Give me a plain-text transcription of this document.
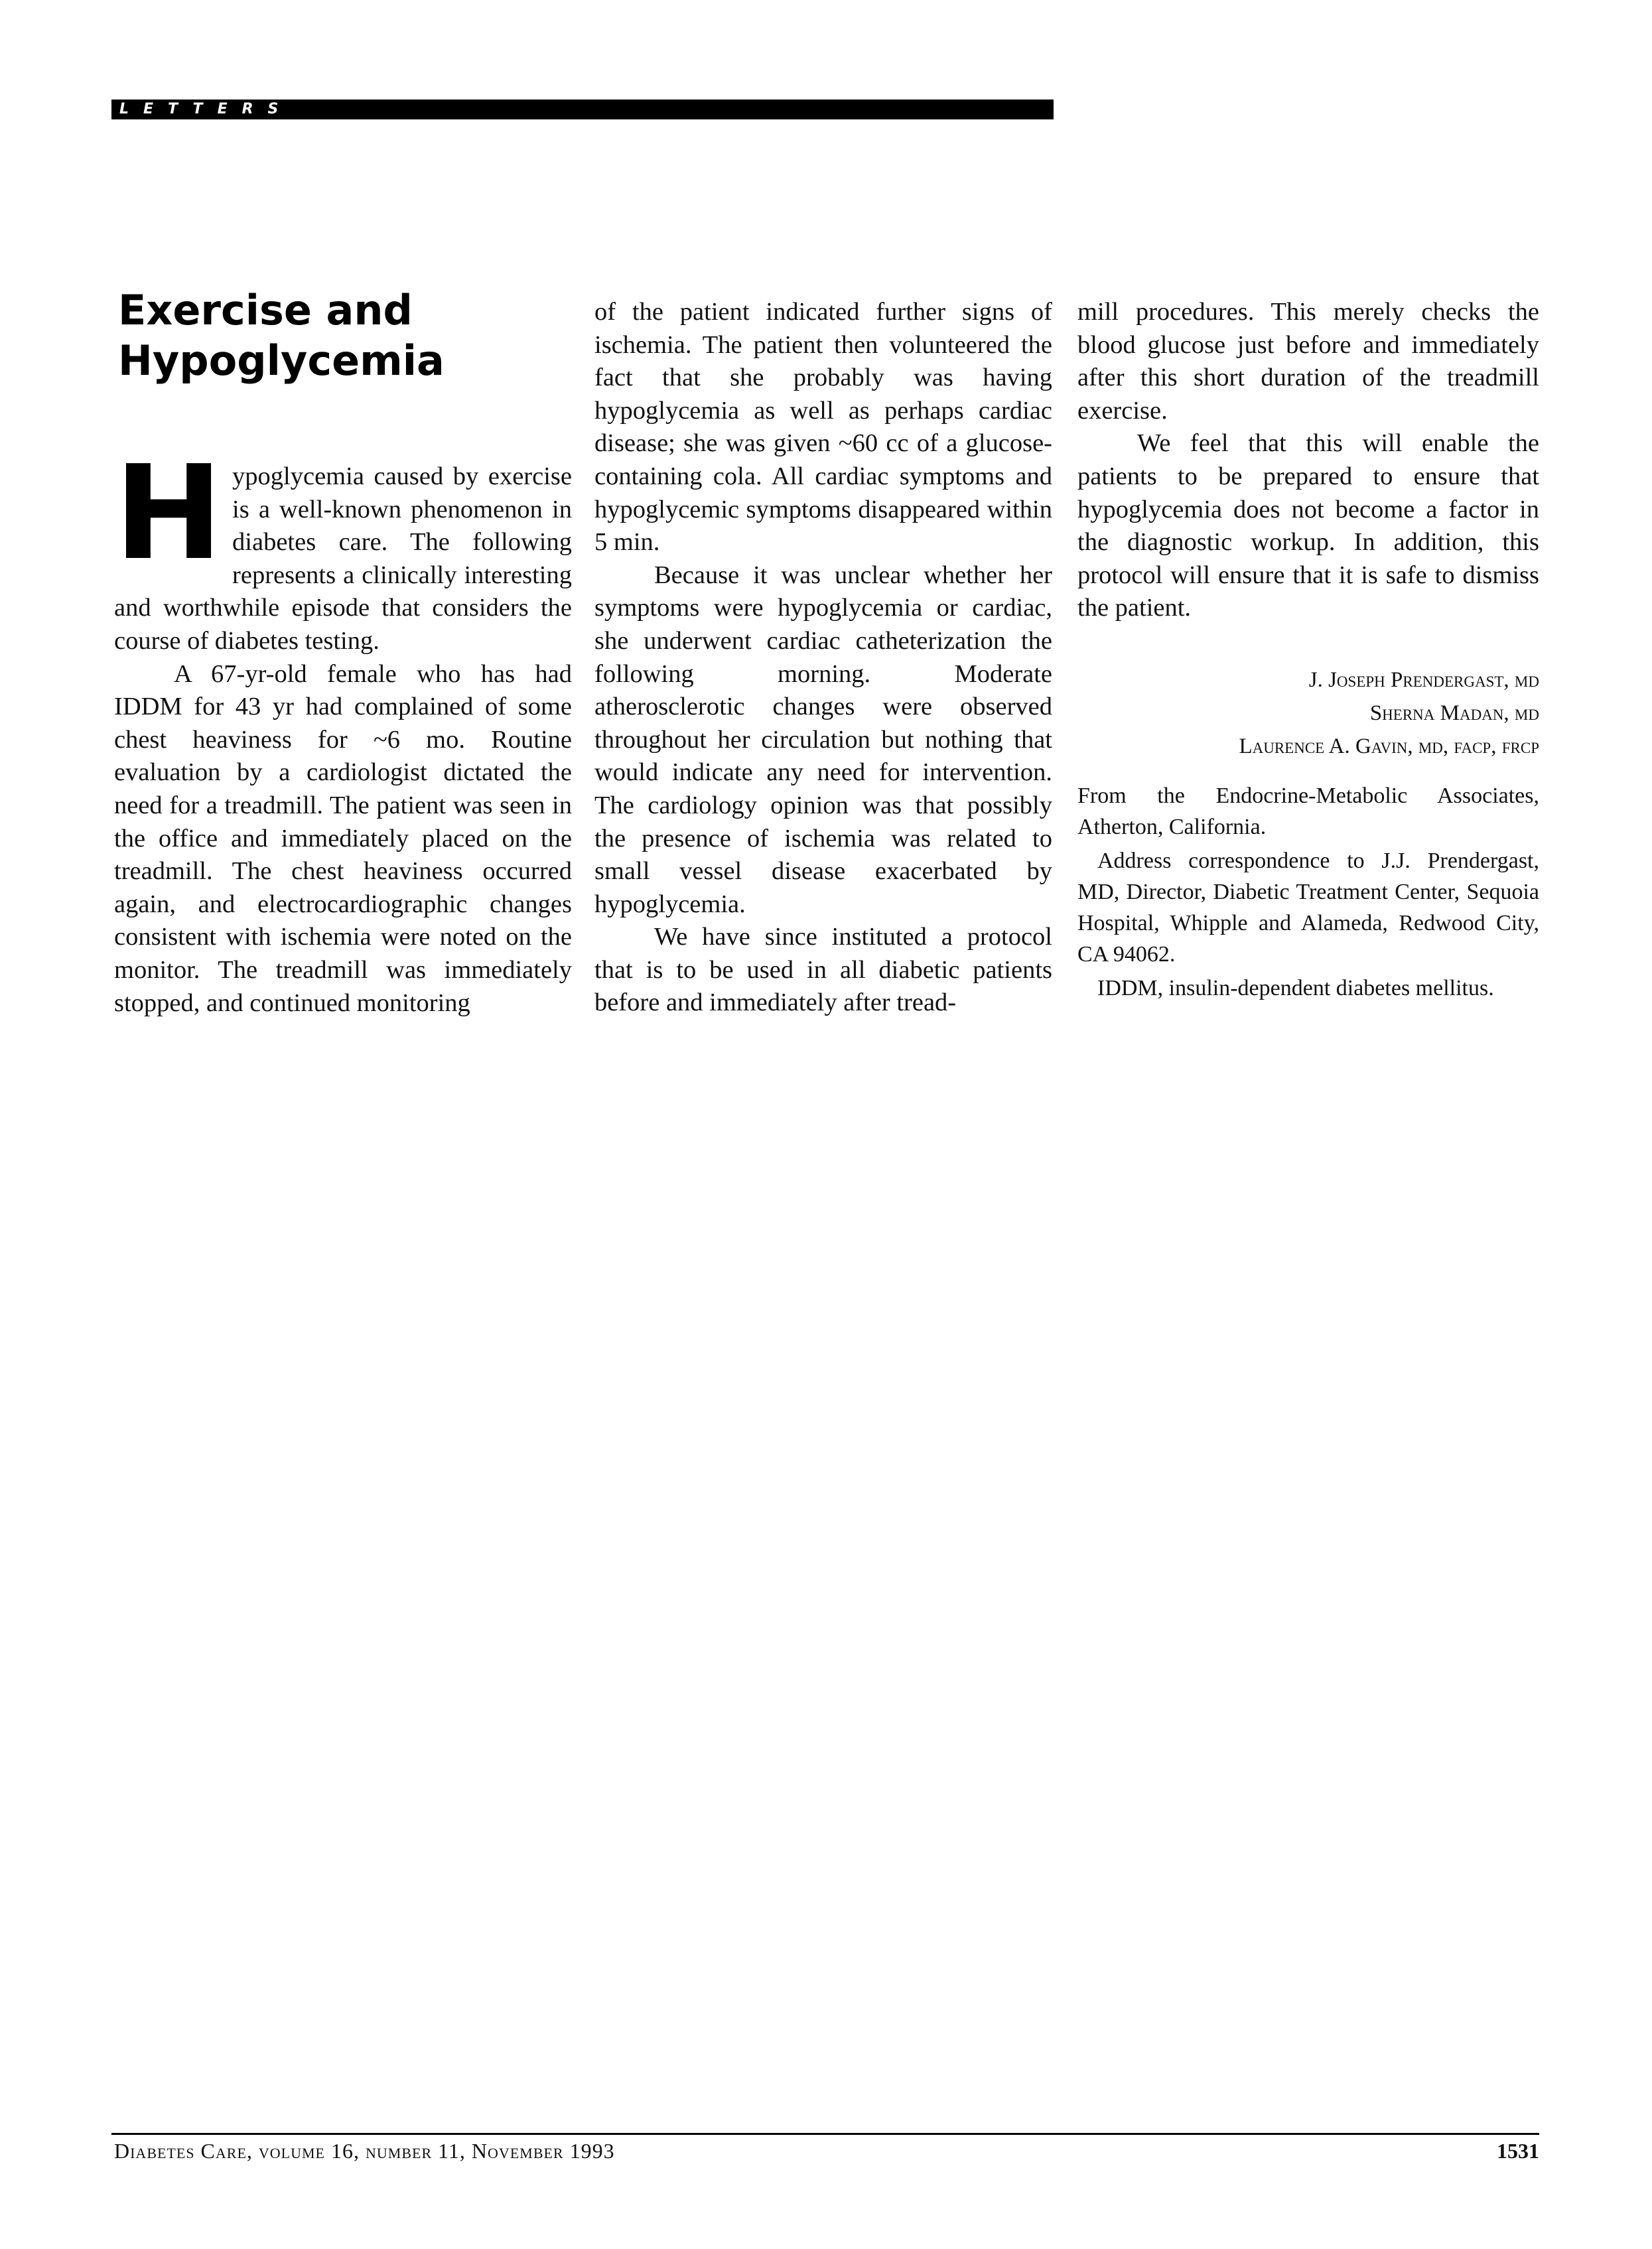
LETTERS
Exercise and
Hypoglycemia

Hypoglycemia caused by exercise is a well-known phenomenon in diabetes care. The following represents a clinically interesting and worthwhile episode that considers the course of diabetes testing.

A 67-yr-old female who has had IDDM for 43 yr had complained of some chest heaviness for ~6 mo. Routine evaluation by a cardiologist dictated the need for a treadmill. The patient was seen in the office and immediately placed on the treadmill. The chest heaviness occurred again, and electrocardiographic changes consistent with ischemia were noted on the monitor. The treadmill was immediately stopped, and continued monitoring

of the patient indicated further signs of ischemia. The patient then volunteered the fact that she probably was having hypoglycemia as well as perhaps cardiac disease; she was given ~60 cc of a glucose-containing cola. All cardiac symptoms and hypoglycemic symptoms disappeared within 5 min.

Because it was unclear whether her symptoms were hypoglycemia or cardiac, she underwent cardiac catheterization the following morning. Moderate atherosclerotic changes were observed throughout her circulation but nothing that would indicate any need for intervention. The cardiology opinion was that possibly the presence of ischemia was related to small vessel disease exacerbated by hypoglycemia.

We have since instituted a protocol that is to be used in all diabetic patients before and immediately after tread-

mill procedures. This merely checks the blood glucose just before and immediately after this short duration of the treadmill exercise.

We feel that this will enable the patients to be prepared to ensure that hypoglycemia does not become a factor in the diagnostic workup. In addition, this protocol will ensure that it is safe to dismiss the patient.

J. Joseph Prendergast, md
Sherna Madan, md
Laurence A. Gavin, md, facp, frcp

From the Endocrine-Metabolic Associates, Atherton, California.

Address correspondence to J.J. Prendergast, MD, Director, Diabetic Treatment Center, Sequoia Hospital, Whipple and Alameda, Redwood City, CA 94062.

IDDM, insulin-dependent diabetes mellitus.

Diabetes Care, volume 16, number 11, November 1993	1531
